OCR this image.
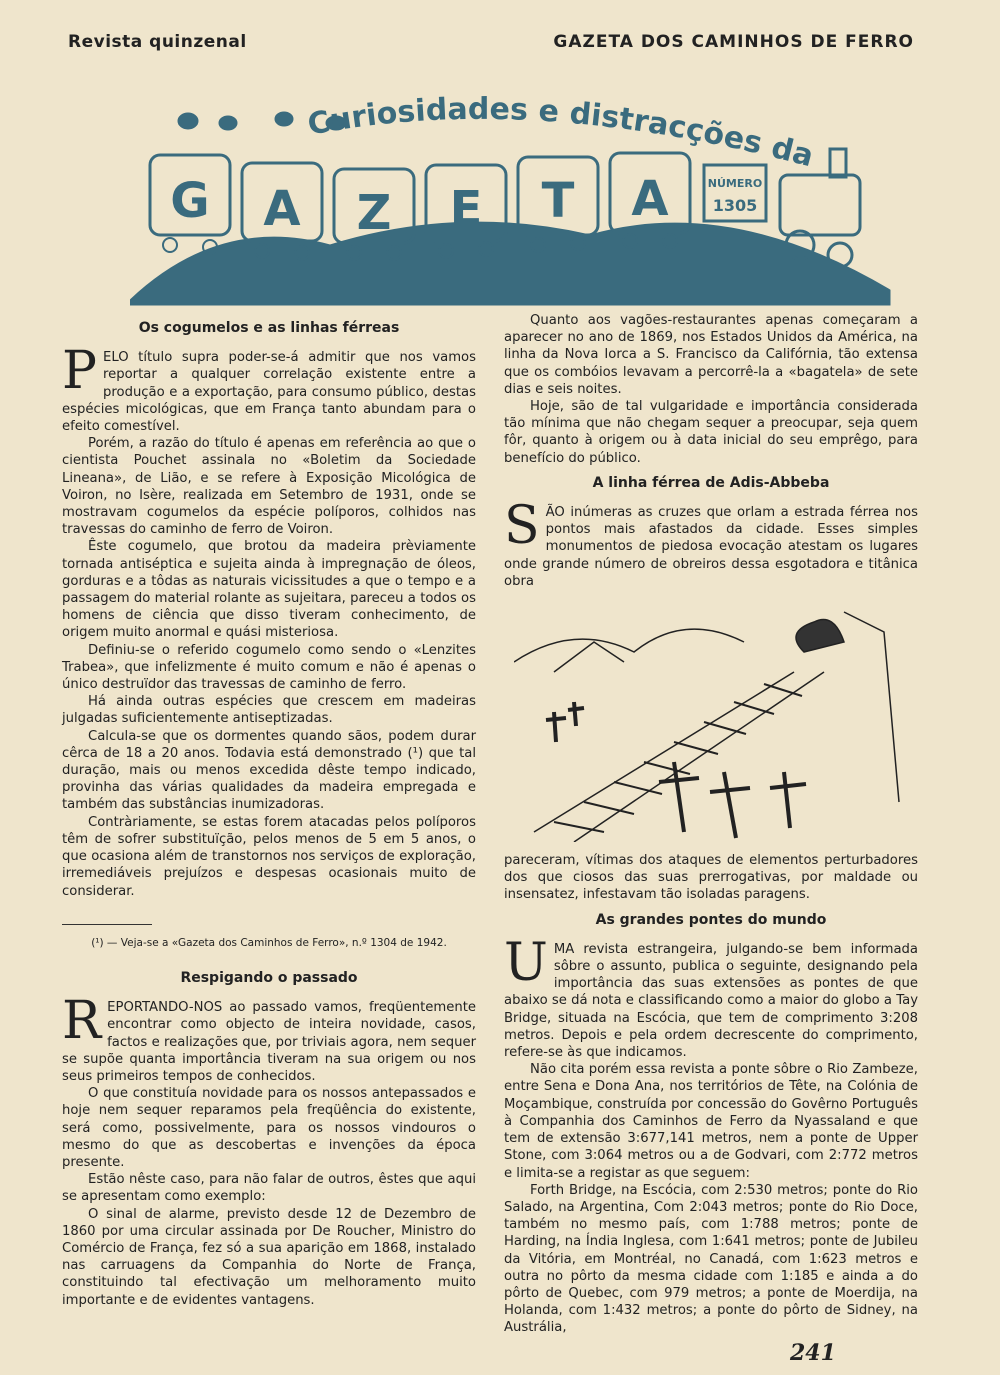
Revista quinzenal	GAZETA DOS CAMINHOS DE FERRO
Curiosidades e distracções da
G A Z E T A	NÚMERO
1305
Os cogumelos e as linhas férreas

PELO título supra poder-se-á admitir que nos vamos reportar a qualquer correlação existente entre a produção e a exportação, para consumo público, destas espécies micológicas, que em França tanto abundam para o efeito comestível.

Porém, a razão do título é apenas em referência ao que o cientista Pouchet assinala no «Boletim da Sociedade Lineana», de Lião, e se refere à Exposição Micológica de Voiron, no Isère, realizada em Setembro de 1931, onde se mostravam cogumelos da espécie políporos, colhidos nas travessas do caminho de ferro de Voiron.

Êste cogumelo, que brotou da madeira prèviamente tornada antiséptica e sujeita ainda à impregnação de óleos, gorduras e a tôdas as naturais vicissitudes a que o tempo e a passagem do material rolante as sujeitara, pareceu a todos os homens de ciência que disso tiveram conhecimento, de origem muito anormal e quási misteriosa.

Definiu-se o referido cogumelo como sendo o «Lenzites Trabea», que infelizmente é muito comum e não é apenas o único destruïdor das travessas de caminho de ferro.

Há ainda outras espécies que crescem em madeiras julgadas suficientemente antiseptizadas.

Calcula-se que os dormentes quando sãos, podem durar cêrca de 18 a 20 anos. Todavia está demonstrado (¹) que tal duração, mais ou menos excedida dêste tempo indicado, provinha das várias qualidades da madeira empregada e também das substâncias inumizadoras.

Contràriamente, se estas forem atacadas pelos políporos têm de sofrer substituïção, pelos menos de 5 em 5 anos, o que ocasiona além de transtornos nos serviços de exploração, irremediáveis prejuízos e despesas ocasionais muito de considerar.

(¹) — Veja-se a «Gazeta dos Caminhos de Ferro», n.º 1304 de 1942.
Respigando o passado

REPORTANDO-NOS ao passado vamos, freqüentemente encontrar como objecto de inteira novidade, casos, factos e realizações que, por triviais agora, nem sequer se supõe quanta importância tiveram na sua origem ou nos seus primeiros tempos de conhecidos.

O que constituía novidade para os nossos antepassados e hoje nem sequer reparamos pela freqüência do existente, será como, possivelmente, para os nossos vindouros o mesmo do que as descobertas e invenções da época presente.

Estão nêste caso, para não falar de outros, êstes que aqui se apresentam como exemplo:

O sinal de alarme, previsto desde 12 de Dezembro de 1860 por uma circular assinada por De Roucher, Ministro do Comércio de França, fez só a sua aparição em 1868, instalado nas carruagens da Companhia do Norte de França, constituindo tal efectivação um melhoramento muito importante e de evidentes vantagens.

Quanto aos vagões-restaurantes apenas começaram a aparecer no ano de 1869, nos Estados Unidos da América, na linha da Nova Iorca a S. Francisco da Califórnia, tão extensa que os combóios levavam a percorrê-la a «bagatela» de sete dias e seis noites.

Hoje, são de tal vulgaridade e importância considerada tão mínima que não chegam sequer a preocupar, seja quem fôr, quanto à origem ou à data inicial do seu emprêgo, para benefício do público.

A linha férrea de Adis-Abbeba

SÃO inúmeras as cruzes que orlam a estrada férrea nos pontos mais afastados da cidade. Esses simples monumentos de piedosa evocação atestam os lugares onde grande número de obreiros dessa esgotadora e titânica obra

pareceram, vítimas dos ataques de elementos perturbadores dos que ciosos das suas prerrogativas, por maldade ou insensatez, infestavam tão isoladas paragens.

As grandes pontes do mundo

UMA revista estrangeira, julgando-se bem informada sôbre o assunto, publica o seguinte, designando pela importância das suas extensões as pontes de que abaixo se dá nota e classificando como a maior do globo a Tay Bridge, situada na Escócia, que tem de comprimento 3:208 metros. Depois e pela ordem decrescente do comprimento, refere-se às que indicamos.

Não cita porém essa revista a ponte sôbre o Rio Zambeze, entre Sena e Dona Ana, nos territórios de Tête, na Colónia de Moçambique, construída por concessão do Govêrno Português à Companhia dos Caminhos de Ferro da Nyassaland e que tem de extensão 3:677,141 metros, nem a ponte de Upper Stone, com 3:064 metros ou a de Godvari, com 2:772 metros e limita-se a registar as que seguem:

Forth Bridge, na Escócia, com 2:530 metros; ponte do Rio Salado, na Argentina, Com 2:043 metros; ponte do Rio Doce, também no mesmo país, com 1:788 metros; ponte de Harding, na Índia Inglesa, com 1:641 metros; ponte de Jubileu da Vitória, em Montréal, no Canadá, com 1:623 metros e outra no pôrto da mesma cidade com 1:185 e ainda a do pôrto de Quebec, com 979 metros; a ponte de Moerdija, na Holanda, com 1:432 metros; a ponte do pôrto de Sidney, na Austrália,

241
